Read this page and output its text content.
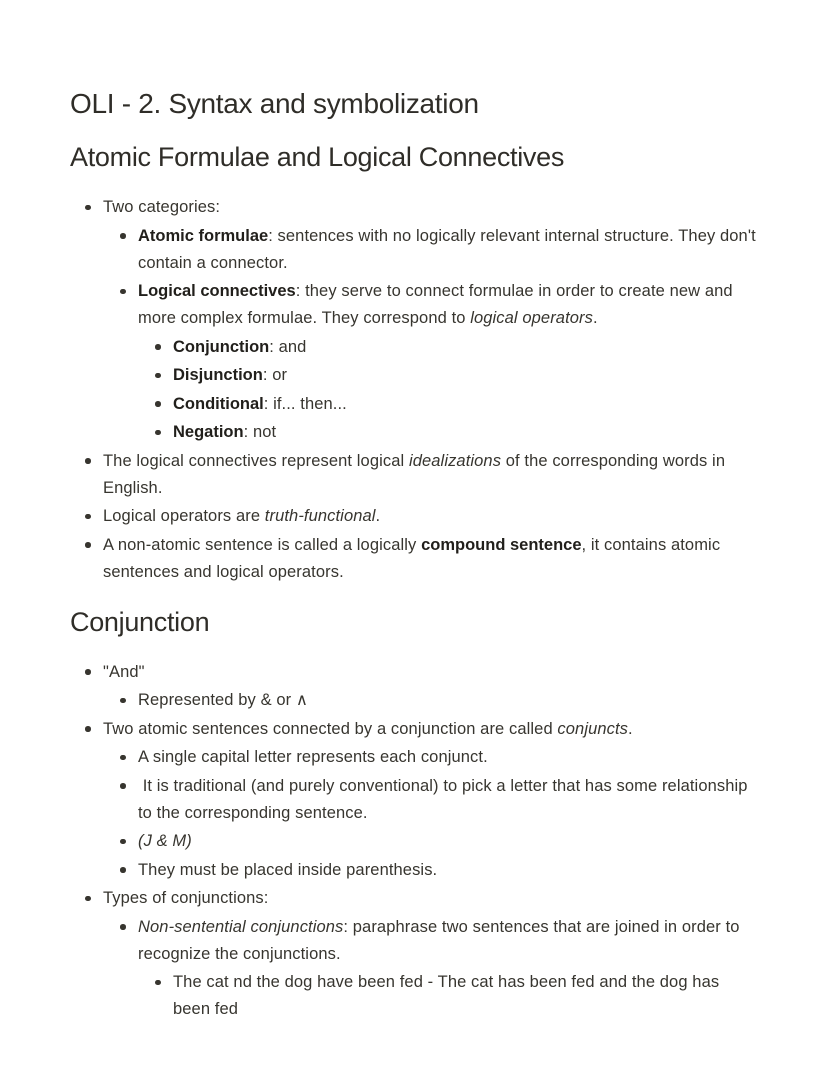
OLI - 2. Syntax and symbolization
Atomic Formulae and Logical Connectives
Two categories:
Atomic formulae: sentences with no logically relevant internal structure. They don't contain a connector.
Logical connectives: they serve to connect formulae in order to create new and more complex formulae. They correspond to logical operators.
Conjunction: and
Disjunction: or
Conditional: if... then...
Negation: not
The logical connectives represent logical idealizations of the corresponding words in English.
Logical operators are truth-functional.
A non-atomic sentence is called a logically compound sentence, it contains atomic sentences and logical operators.
Conjunction
"And"
Represented by & or ∧
Two atomic sentences connected by a conjunction are called conjuncts.
A single capital letter represents each conjunct.
It is traditional (and purely conventional) to pick a letter that has some relationship to the corresponding sentence.
(J & M)
They must be placed inside parenthesis.
Types of conjunctions:
Non-sentential conjunctions: paraphrase two sentences that are joined in order to recognize the conjunctions.
The cat nd the dog have been fed - The cat has been fed and the dog has been fed
